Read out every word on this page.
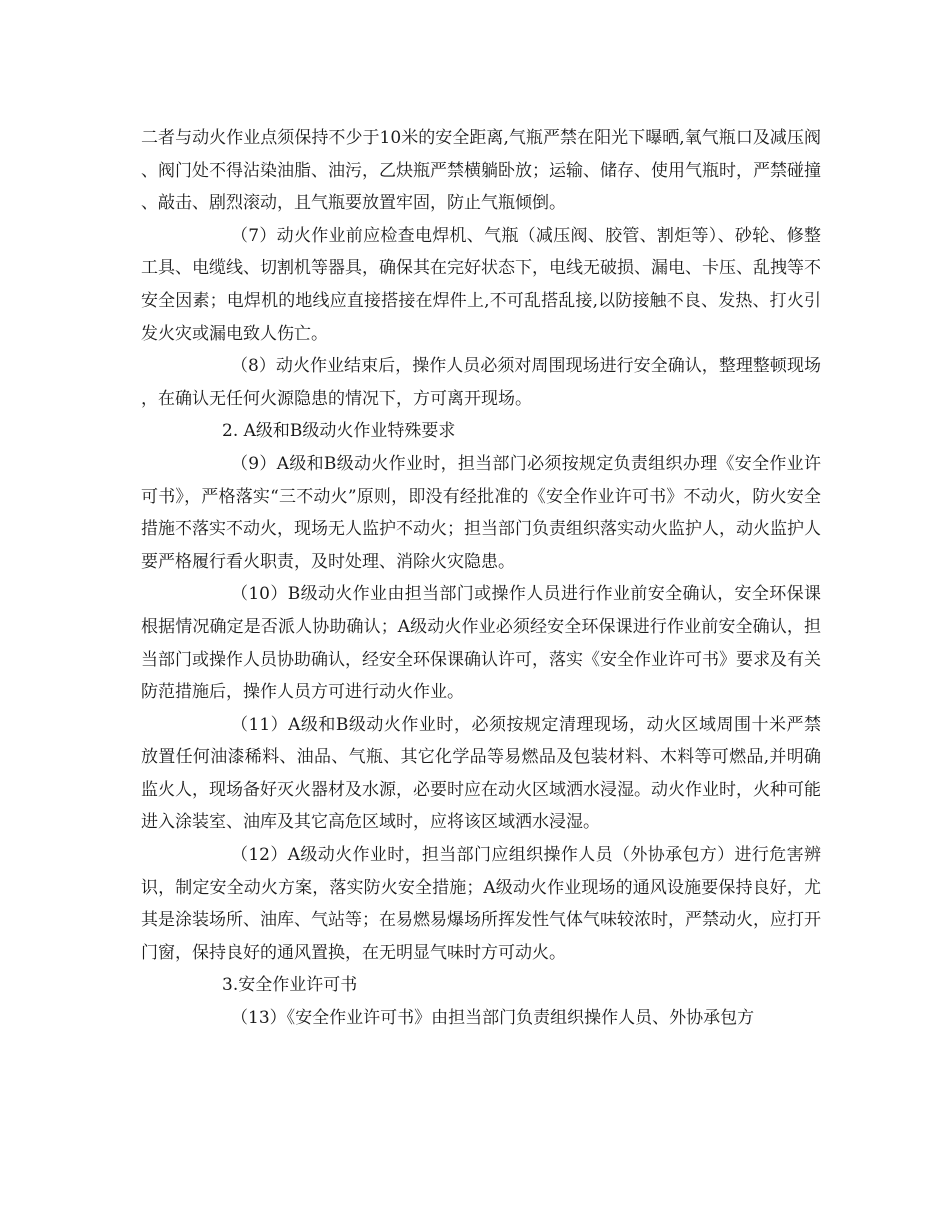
二者与动火作业点须保持不少于10米的安全距离,气瓶严禁在阳光下曝晒,氧气瓶口及减压阀、阀门处不得沾染油脂、油污，乙炔瓶严禁横躺卧放；运输、储存、使用气瓶时，严禁碰撞、敲击、剧烈滚动，且气瓶要放置牢固，防止气瓶倾倒。

（7）动火作业前应检查电焊机、气瓶（减压阀、胶管、割炬等）、砂轮、修整工具、电缆线、切割机等器具，确保其在完好状态下，电线无破损、漏电、卡压、乱拽等不安全因素；电焊机的地线应直接搭接在焊件上,不可乱搭乱接,以防接触不良、发热、打火引发火灾或漏电致人伤亡。

（8）动火作业结束后，操作人员必须对周围现场进行安全确认，整理整顿现场，在确认无任何火源隐患的情况下，方可离开现场。

2. A级和B级动火作业特殊要求

（9）A级和B级动火作业时，担当部门必须按规定负责组织办理《安全作业许可书》，严格落实“三不动火”原则，即没有经批准的《安全作业许可书》不动火，防火安全措施不落实不动火，现场无人监护不动火；担当部门负责组织落实动火监护人，动火监护人要严格履行看火职责，及时处理、消除火灾隐患。

（10）B级动火作业由担当部门或操作人员进行作业前安全确认，安全环保课根据情况确定是否派人协助确认；A级动火作业必须经安全环保课进行作业前安全确认，担当部门或操作人员协助确认，经安全环保课确认许可，落实《安全作业许可书》要求及有关防范措施后，操作人员方可进行动火作业。

（11）A级和B级动火作业时，必须按规定清理现场，动火区域周围十米严禁放置任何油漆稀料、油品、气瓶、其它化学品等易燃品及包装材料、木料等可燃品,并明确监火人，现场备好灭火器材及水源，必要时应在动火区域洒水浸湿。动火作业时，火种可能进入涂装室、油库及其它高危区域时，应将该区域洒水浸湿。

（12）A级动火作业时，担当部门应组织操作人员（外协承包方）进行危害辨识，制定安全动火方案，落实防火安全措施；A级动火作业现场的通风设施要保持良好，尤其是涂装场所、油库、气站等；在易燃易爆场所挥发性气体气味较浓时，严禁动火，应打开门窗，保持良好的通风置换，在无明显气味时方可动火。

3.安全作业许可书

（13）《安全作业许可书》由担当部门负责组织操作人员、外协承包方
